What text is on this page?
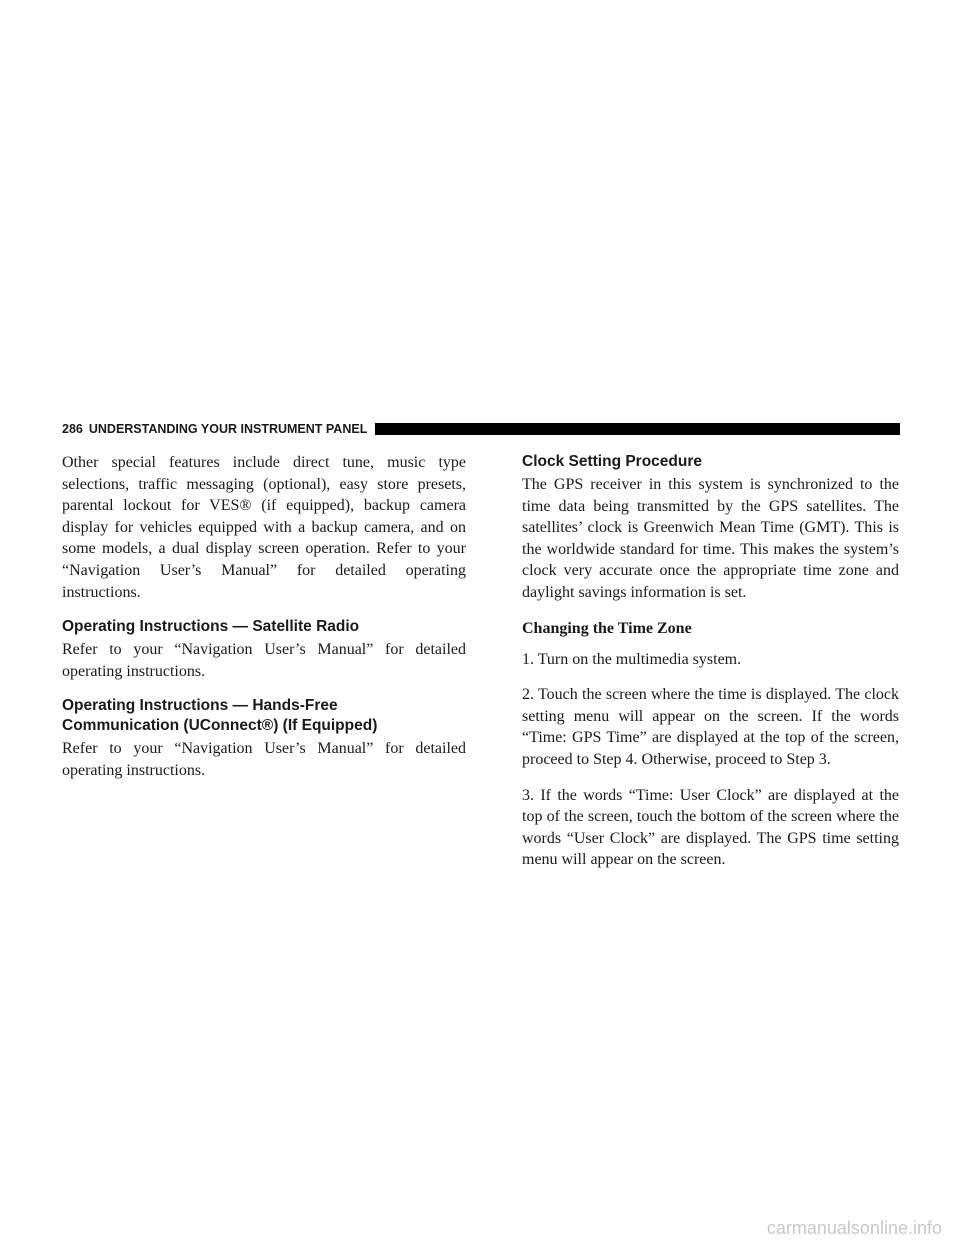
286 UNDERSTANDING YOUR INSTRUMENT PANEL

Other special features include direct tune, music type selections, traffic messaging (optional), easy store presets, parental lockout for VES® (if equipped), backup camera display for vehicles equipped with a backup camera, and on some models, a dual display screen operation. Refer to your “Navigation User’s Manual” for detailed operating instructions.

Operating Instructions — Satellite Radio

Refer to your “Navigation User’s Manual” for detailed operating instructions.

Operating Instructions — Hands-Free
Communication (UConnect®) (If Equipped)

Refer to your “Navigation User’s Manual” for detailed operating instructions.

Clock Setting Procedure

The GPS receiver in this system is synchronized to the time data being transmitted by the GPS satellites. The satellites’ clock is Greenwich Mean Time (GMT). This is the worldwide standard for time. This makes the system’s clock very accurate once the appropriate time zone and daylight savings information is set.

Changing the Time Zone

1. Turn on the multimedia system.

2. Touch the screen where the time is displayed. The clock setting menu will appear on the screen. If the words “Time: GPS Time” are displayed at the top of the screen, proceed to Step 4. Otherwise, proceed to Step 3.

3. If the words “Time: User Clock” are displayed at the top of the screen, touch the bottom of the screen where the words “User Clock” are displayed. The GPS time setting menu will appear on the screen.

carmanualsonline.info
